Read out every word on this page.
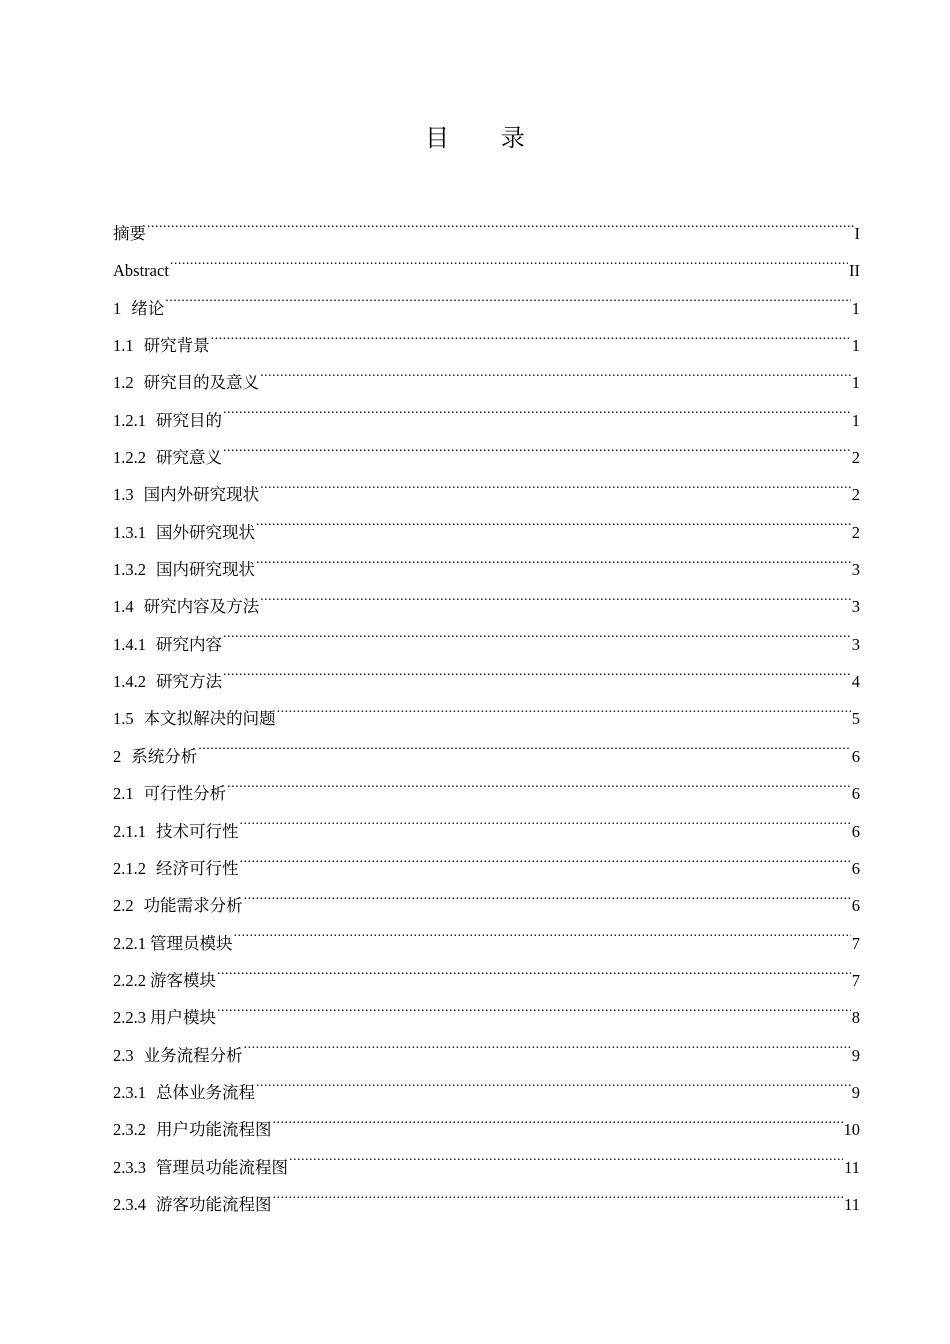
目 录
摘要 .....	I
Abstract .....	II
1 绪论 .....	1
1.1 研究背景 .....	1
1.2 研究目的及意义 .....	1
1.2.1 研究目的 .....	1
1.2.2 研究意义 .....	2
1.3 国内外研究现状 .....	2
1.3.1 国外研究现状 .....	2
1.3.2 国内研究现状 .....	3
1.4 研究内容及方法 .....	3
1.4.1 研究内容 .....	3
1.4.2 研究方法 .....	4
1.5 本文拟解决的问题 .....	5
2 系统分析 .....	6
2.1 可行性分析 .....	6
2.1.1 技术可行性 .....	6
2.1.2 经济可行性 .....	6
2.2 功能需求分析 .....	6
2.2.1 管理员模块 .....	7
2.2.2 游客模块 .....	7
2.2.3 用户模块 .....	8
2.3 业务流程分析 .....	9
2.3.1 总体业务流程 .....	9
2.3.2 用户功能流程图 .....	10
2.3.3 管理员功能流程图 .....	11
2.3.4 游客功能流程图 .....	11
